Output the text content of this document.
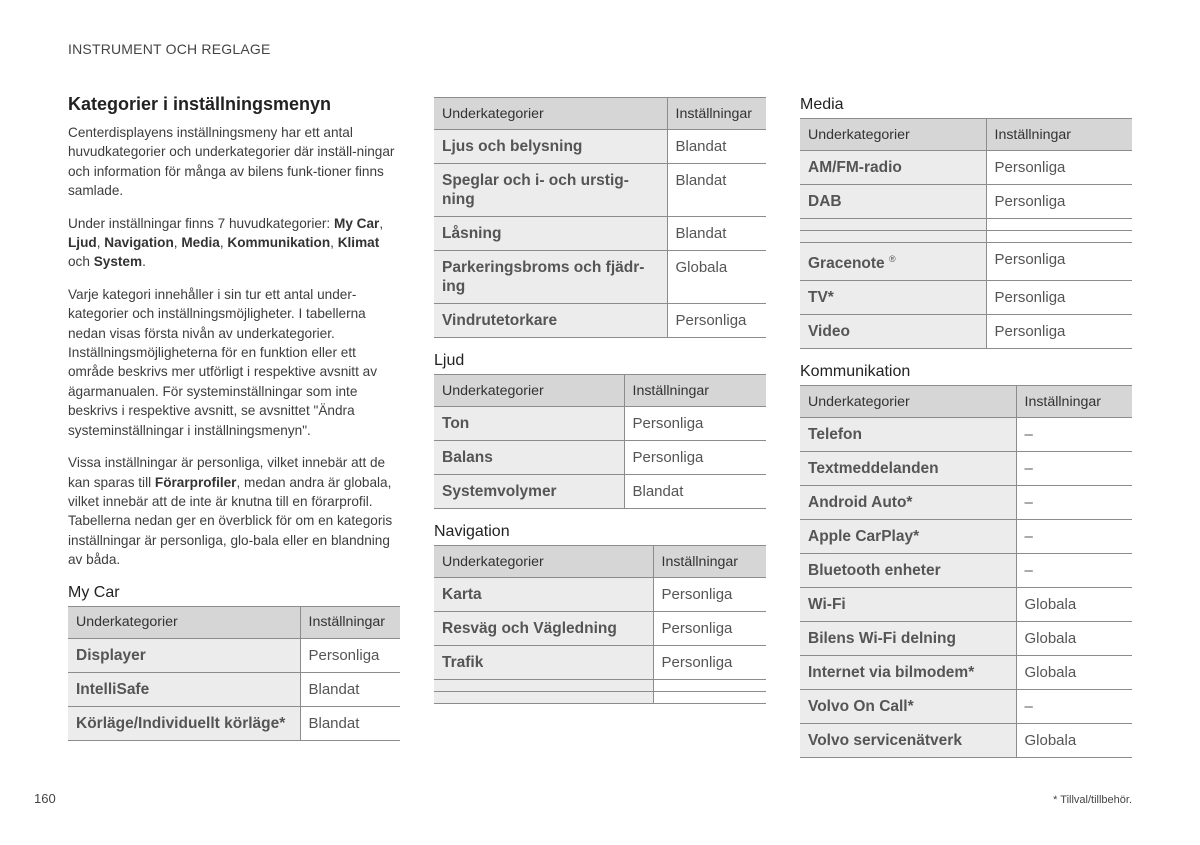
INSTRUMENT OCH REGLAGE
Kategorier i inställningsmenyn

Centerdisplayens inställningsmeny har ett antal huvudkategorier och underkategorier där inställ-ningar och information för många av bilens funk-tioner finns samlade.

Under inställningar finns 7 huvudkategorier: My Car, Ljud, Navigation, Media, Kommunikation, Klimat och System.

Varje kategori innehåller i sin tur ett antal under-kategorier och inställningsmöjligheter. I tabellerna nedan visas första nivån av underkategorier. Inställningsmöjligheterna för en funktion eller ett område beskrivs mer utförligt i respektive avsnitt av ägarmanualen. För systeminställningar som inte beskrivs i respektive avsnitt, se avsnittet "Ändra systeminställningar i inställningsmenyn".

Vissa inställningar är personliga, vilket innebär att de kan sparas till Förarprofiler, medan andra är globala, vilket innebär att de inte är knutna till en förarprofil. Tabellerna nedan ger en överblick för om en kategoris inställningar är personliga, glo-bala eller en blandning av båda.

My Car
Underkategorier	Inställningar
Displayer	Personliga
IntelliSafe	Blandat
Körläge/Individuellt körläge*	Blandat
Underkategorier	Inställningar
Ljus och belysning	Blandat
Speglar och i- och urstig-ning	Blandat
Låsning	Blandat
Parkeringsbroms och fjädr-ing	Globala
Vindrutetorkare	Personliga
Ljud
Underkategorier	Inställningar
Ton	Personliga
Balans	Personliga
Systemvolymer	Blandat
Navigation
Underkategorier	Inställningar
Karta	Personliga
Resväg och Vägledning	Personliga
Trafik	Personliga

Media
Underkategorier	Inställningar
AM/FM-radio	Personliga
DAB	Personliga

Gracenote ®	Personliga
TV*	Personliga
Video	Personliga
Kommunikation
Underkategorier	Inställningar
Telefon	–
Textmeddelanden	–
Android Auto*	–
Apple CarPlay*	–
Bluetooth enheter	–
Wi-Fi	Globala
Bilens Wi-Fi delning	Globala
Internet via bilmodem*	Globala
Volvo On Call*	–
Volvo servicenätverk	Globala
160	* Tillval/tillbehör.
